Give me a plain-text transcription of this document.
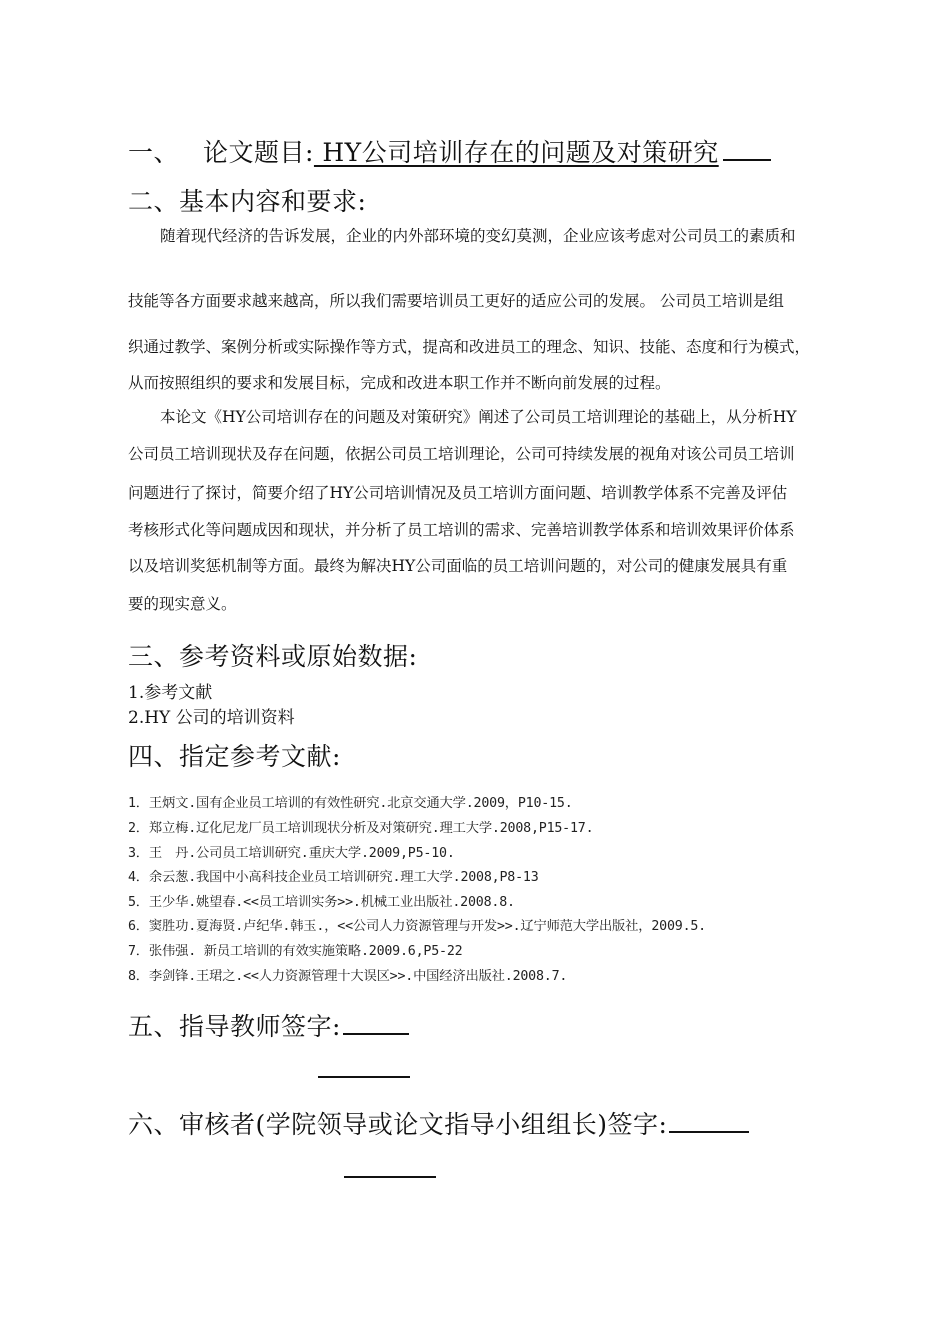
一、 论文题目: HY公司培训存在的问题及对策研究
二、基本内容和要求:
随着现代经济的告诉发展，企业的内外部环境的变幻莫测，企业应该考虑对公司员工的素质和
技能等各方面要求越来越高，所以我们需要培训员工更好的适应公司的发展。 公司员工培训是组
织通过教学、案例分析或实际操作等方式，提高和改进员工的理念、知识、技能、态度和行为模式，
从而按照组织的要求和发展目标，完成和改进本职工作并不断向前发展的过程。
本论文《HY公司培训存在的问题及对策研究》阐述了公司员工培训理论的基础上，从分析HY
公司员工培训现状及存在问题，依据公司员工培训理论，公司可持续发展的视角对该公司员工培训
问题进行了探讨，简要介绍了HY公司培训情况及员工培训方面问题、培训教学体系不完善及评估
考核形式化等问题成因和现状，并分析了员工培训的需求、完善培训教学体系和培训效果评价体系
以及培训奖惩机制等方面。最终为解决HY公司面临的员工培训问题的，对公司的健康发展具有重
要的现实意义。
三、参考资料或原始数据:
1.参考文献
2.HY 公司的培训资料
四、指定参考文献:
1．王炳文.国有企业员工培训的有效性研究.北京交通大学.2009，P10-15.
2．郑立梅.辽化尼龙厂员工培训现状分析及对策研究.理工大学.2008,P15-17.
3．王　丹.公司员工培训研究.重庆大学.2009,P5-10.
4．余云葱.我国中小高科技企业员工培训研究.理工大学.2008,P8-13
5．王少华.姚望春.<<员工培训实务>>.机械工业出版社.2008.8.
6．窦胜功.夏海贤.卢纪华.韩玉.，<<公司人力资源管理与开发>>.辽宁师范大学出版社，2009.5.
7．张伟强. 新员工培训的有效实施策略.2009.6,P5-22
8．李剑锋.王珺之.<<人力资源管理十大误区>>.中国经济出版社.2008.7.
五、指导教师签字:
六、审核者(学院领导或论文指导小组组长)签字:
